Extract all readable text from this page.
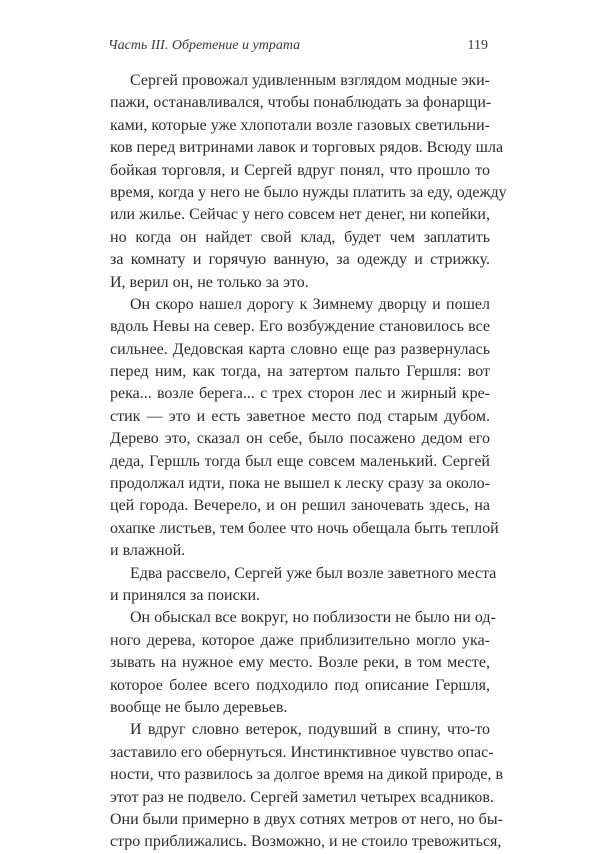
Часть III. Обретение и утрата	119
Сергей провожал удивленным взглядом модные эки-
пажи, останавливался, чтобы понаблюдать за фонарщи-
ками, которые уже хлопотали возле газовых светильни-
ков перед витринами лавок и торговых рядов. Всюду шла
бойкая торговля, и Сергей вдруг понял, что прошло то
время, когда у него не было нужды платить за еду, одежду
или жилье. Сейчас у него совсем нет денег, ни копейки,
но когда он найдет свой клад, будет чем заплатить
за комнату и горячую ванную, за одежду и стрижку.
И, верил он, не только за это.
Он скоро нашел дорогу к Зимнему дворцу и пошел
вдоль Невы на север. Его возбуждение становилось все
сильнее. Дедовская карта словно еще раз развернулась
перед ним, как тогда, на затертом пальто Гершля: вот
река... возле берега... с трех сторон лес и жирный кре-
стик — это и есть заветное место под старым дубом.
Дерево это, сказал он себе, было посажено дедом его
деда, Гершль тогда был еще совсем маленький. Сергей
продолжал идти, пока не вышел к леску сразу за около-
цей города. Вечерело, и он решил заночевать здесь, на
охапке листьев, тем более что ночь обещала быть теплой
и влажной.
Едва рассвело, Сергей уже был возле заветного места
и принялся за поиски.
Он обыскал все вокруг, но поблизости не было ни од-
ного дерева, которое даже приблизительно могло ука-
зывать на нужное ему место. Возле реки, в том месте,
которое более всего подходило под описание Гершля,
вообще не было деревьев.
И вдруг словно ветерок, подувший в спину, что-то
заставило его обернуться. Инстинктивное чувство опас-
ности, что развилось за долгое время на дикой природе, в
этот раз не подвело. Сергей заметил четырех всадников.
Они были примерно в двух сотнях метров от него, но бы-
стро приближались. Возможно, и не стоило тревожиться,
